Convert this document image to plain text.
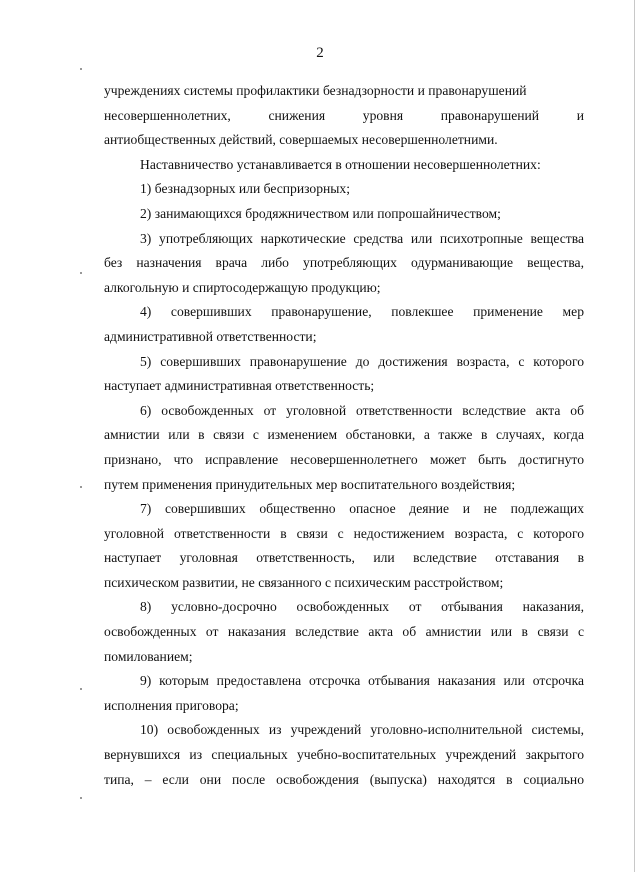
2

учреждениях системы профилактики безнадзорности и правонарушений

несовершеннолетних, снижения уровня правонарушений и
антиобщественных действий, совершаемых несовершеннолетними.

Наставничество устанавливается в отношении несовершеннолетних:

1) безнадзорных или беспризорных;

2) занимающихся бродяжничеством или попрошайничеством;

3) употребляющих наркотические средства или психотропные вещества
без назначения врача либо употребляющих одурманивающие вещества,
алкогольную и спиртосодержащую продукцию;

4) совершивших правонарушение, повлекшее применение мер
административной ответственности;

5) совершивших правонарушение до достижения возраста, с которого
наступает административная ответственность;

6) освобожденных от уголовной ответственности вследствие акта об
амнистии или в связи с изменением обстановки, а также в случаях, когда
признано, что исправление несовершеннолетнего может быть достигнуто
путем применения принудительных мер воспитательного воздействия;

7) совершивших общественно опасное деяние и не подлежащих
уголовной ответственности в связи с недостижением возраста, с которого
наступает уголовная ответственность, или вследствие отставания в
психическом развитии, не связанного с психическим расстройством;

8) условно-досрочно освобожденных от отбывания наказания,
освобожденных от наказания вследствие акта об амнистии или в связи с
помилованием;

9) которым предоставлена отсрочка отбывания наказания или отсрочка
исполнения приговора;

10) освобожденных из учреждений уголовно-исполнительной системы,
вернувшихся из специальных учебно-воспитательных учреждений закрытого
типа, – если они после освобождения (выпуска) находятся в социально
